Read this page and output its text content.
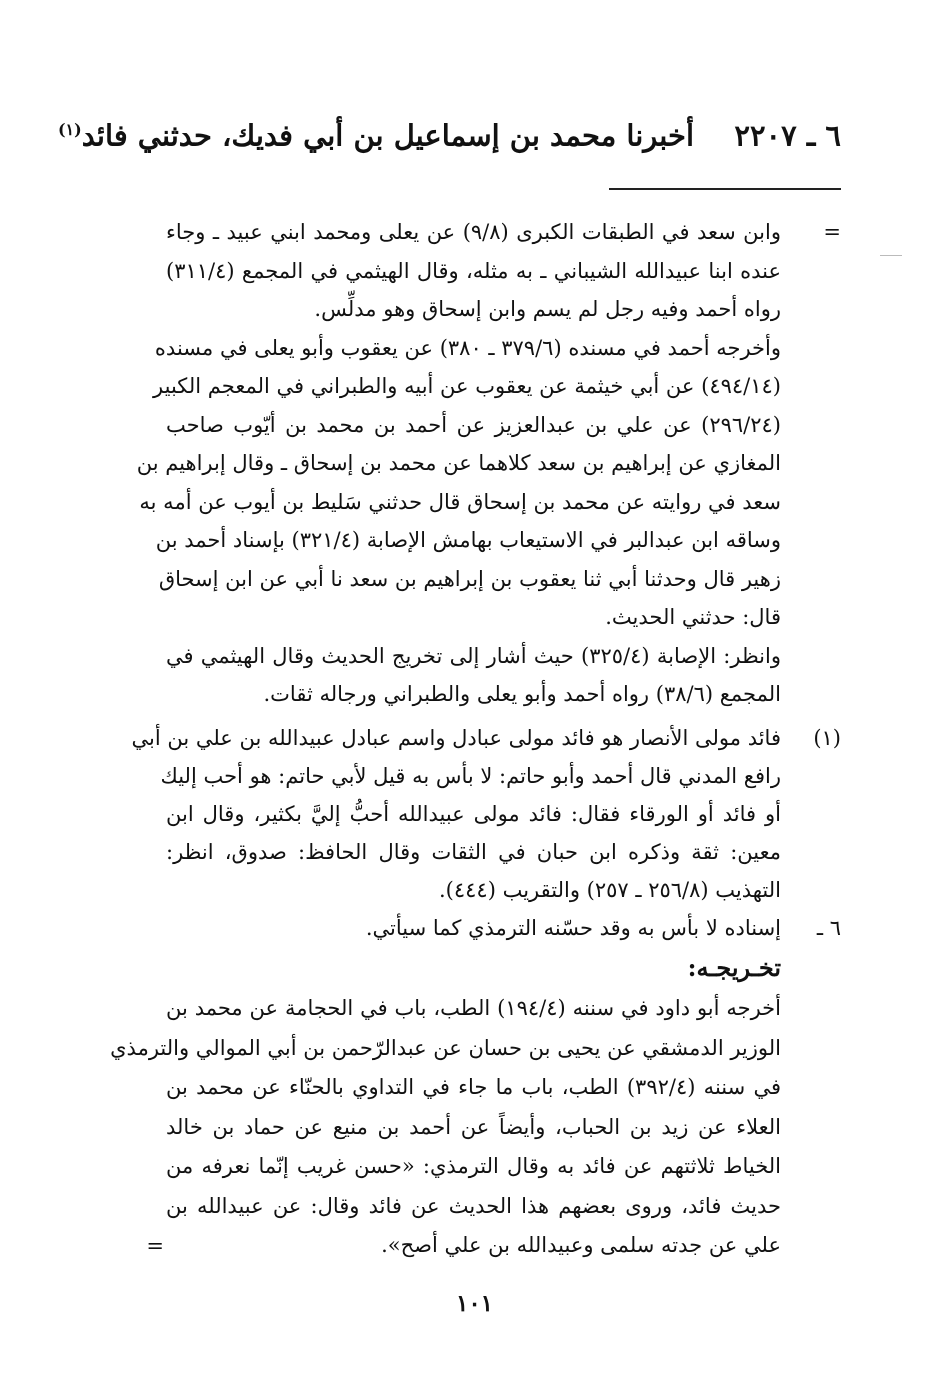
٦ ـ ٢٢٠٧    أخبرنا محمد بن إسماعيل بن أبي فديك، حدثني فائد$^{(١)}$
=
وابن سعد في الطبقات الكبرى (٩/٨) عن يعلى ومحمد ابني عبيد ـ وجاء
عنده ابنا عبيدالله الشيباني ـ به مثله، وقال الهيثمي في المجمع (٣١١/٤)
رواه أحمد وفيه رجل لم يسم وابن إسحاق وهو مدلِّس.
وأخرجه أحمد في مسنده (٣٧٩/٦ ـ ٣٨٠) عن يعقوب وأبو يعلى في مسنده
(٤٩٤/١٤) عن أبي خيثمة عن يعقوب عن أبيه والطبراني في المعجم الكبير
(٢٩٦/٢٤) عن علي بن عبدالعزيز عن أحمد بن محمد بن أيّوب صاحب
المغازي عن إبراهيم بن سعد كلاهما عن محمد بن إسحاق ـ وقال إبراهيم بن
سعد في روايته عن محمد بن إسحاق قال حدثني سَليط بن أيوب عن أمه به
وساقه ابن عبدالبر في الاستيعاب بهامش الإصابة (٣٢١/٤) بإسناد أحمد بن
زهير قال وحدثنا أبي ثنا يعقوب بن إبراهيم بن سعد نا أبي عن ابن إسحاق
قال: حدثني الحديث.
وانظر: الإصابة (٣٢٥/٤) حيث أشار إلى تخريج الحديث وقال الهيثمي في
المجمع (٣٨/٦) رواه أحمد وأبو يعلى والطبراني ورجاله ثقات.
(١)
فائد مولى الأنصار هو فائد مولى عبادل واسم عبادل عبيدالله بن علي بن أبي
رافع المدني قال أحمد وأبو حاتم: لا بأس به قيل لأبي حاتم: هو أحب إليك
أو فائد أو الورقاء فقال: فائد مولى عبيدالله أحبُّ إليَّ بكثير، وقال ابن
معين: ثقة وذكره ابن حبان في الثقات وقال الحافظ: صدوق، انظر:
التهذيب (٢٥٦/٨ ـ ٢٥٧) والتقريب (٤٤٤).
٦ ـ
إسناده لا بأس به وقد حسّنه الترمذي كما سيأتي.
تخـريجـه:
أخرجه أبو داود في سننه (١٩٤/٤) الطب، باب في الحجامة عن محمد بن
الوزير الدمشقي عن يحيى بن حسان عن عبدالرّحمن بن أبي الموالي والترمذي
في سننه (٣٩٢/٤) الطب، باب ما جاء في التداوي بالحنّاء عن محمد بن
العلاء عن زيد بن الحباب، وأيضاً عن أحمد بن منيع عن حماد بن خالد
الخياط ثلاثتهم عن فائد به وقال الترمذي: «حسن غريب إنّما نعرفه من
حديث فائد، وروى بعضهم هذا الحديث عن فائد وقال: عن عبيدالله بن
علي عن جدته سلمى وعبيدالله بن علي أصح».
=
١٠١
